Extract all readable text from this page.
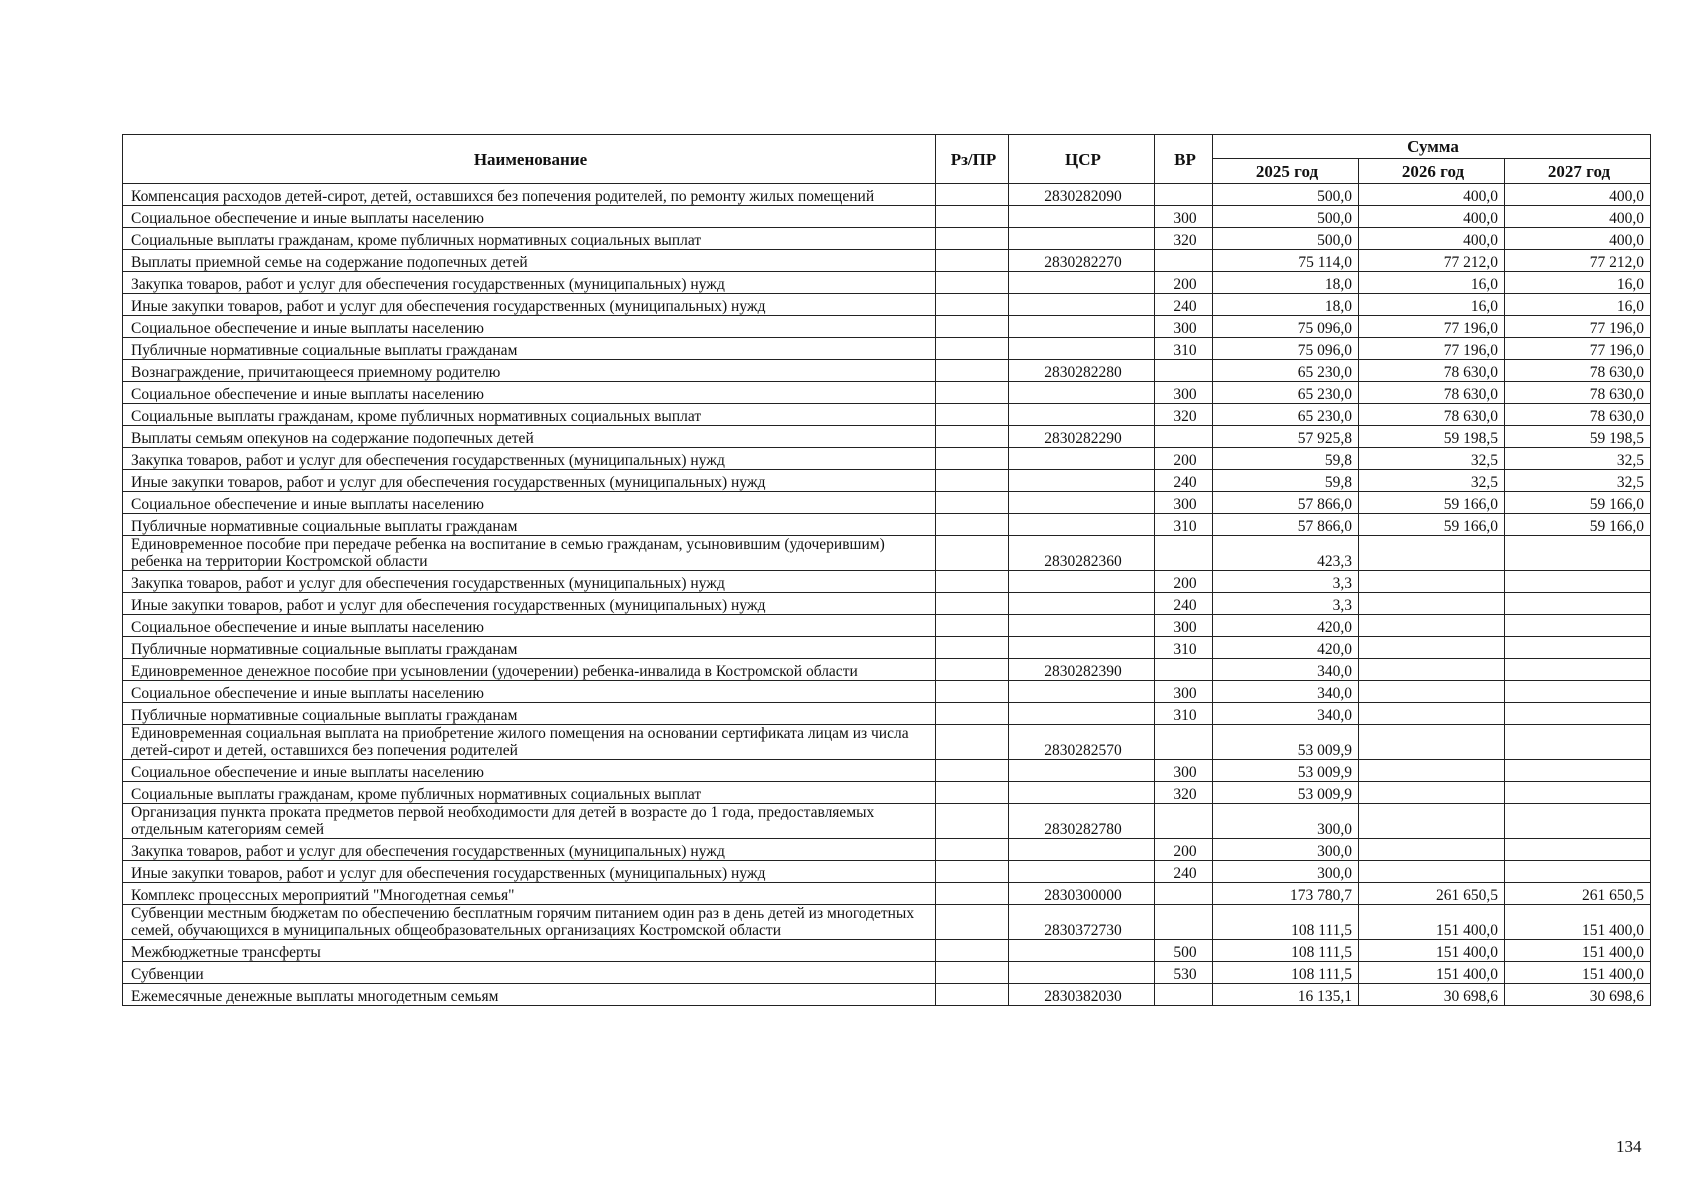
Наименование	Рз/ПР	ЦСР	ВР	Сумма		
				2025 год	2026 год	2027 год
Компенсация расходов детей-сирот, детей, оставшихся без попечения родителей, по ремонту жилых помещений		2830282090		500,0	400,0	400,0
Социальное обеспечение и иные выплаты населению			300	500,0	400,0	400,0
Социальные выплаты гражданам, кроме публичных нормативных социальных выплат			320	500,0	400,0	400,0
Выплаты приемной семье на содержание подопечных детей		2830282270		75 114,0	77 212,0	77 212,0
Закупка товаров, работ и услуг для обеспечения государственных (муниципальных) нужд			200	18,0	16,0	16,0
Иные закупки товаров, работ и услуг для обеспечения государственных (муниципальных) нужд			240	18,0	16,0	16,0
Социальное обеспечение и иные выплаты населению			300	75 096,0	77 196,0	77 196,0
Публичные нормативные социальные выплаты гражданам			310	75 096,0	77 196,0	77 196,0
Вознаграждение, причитающееся приемному родителю		2830282280		65 230,0	78 630,0	78 630,0
Социальное обеспечение и иные выплаты населению			300	65 230,0	78 630,0	78 630,0
Социальные выплаты гражданам, кроме публичных нормативных социальных выплат			320	65 230,0	78 630,0	78 630,0
Выплаты семьям опекунов на содержание подопечных детей		2830282290		57 925,8	59 198,5	59 198,5
Закупка товаров, работ и услуг для обеспечения государственных (муниципальных) нужд			200	59,8	32,5	32,5
Иные закупки товаров, работ и услуг для обеспечения государственных (муниципальных) нужд			240	59,8	32,5	32,5
Социальное обеспечение и иные выплаты населению			300	57 866,0	59 166,0	59 166,0
Публичные нормативные социальные выплаты гражданам			310	57 866,0	59 166,0	59 166,0
Единовременное пособие при передаче ребенка на воспитание в семью гражданам, усыновившим (удочерившим) ребенка на территории Костромской области		2830282360		423,3		
Закупка товаров, работ и услуг для обеспечения государственных (муниципальных) нужд			200	3,3		
Иные закупки товаров, работ и услуг для обеспечения государственных (муниципальных) нужд			240	3,3		
Социальное обеспечение и иные выплаты населению			300	420,0		
Публичные нормативные социальные выплаты гражданам			310	420,0		
Единовременное денежное пособие при усыновлении (удочерении) ребенка-инвалида в Костромской области		2830282390		340,0		
Социальное обеспечение и иные выплаты населению			300	340,0		
Публичные нормативные социальные выплаты гражданам			310	340,0		
Единовременная социальная выплата на приобретение жилого помещения на основании сертификата лицам из числа детей-сирот и детей, оставшихся без попечения родителей		2830282570		53 009,9		
Социальное обеспечение и иные выплаты населению			300	53 009,9		
Социальные выплаты гражданам, кроме публичных нормативных социальных выплат			320	53 009,9		
Организация пункта проката предметов первой необходимости для детей в возрасте до 1 года, предоставляемых отдельным категориям семей		2830282780		300,0		
Закупка товаров, работ и услуг для обеспечения государственных (муниципальных) нужд			200	300,0		
Иные закупки товаров, работ и услуг для обеспечения государственных (муниципальных) нужд			240	300,0		
Комплекс процессных мероприятий "Многодетная семья"		2830300000		173 780,7	261 650,5	261 650,5
Субвенции местным бюджетам по обеспечению бесплатным горячим питанием один раз в день детей из многодетных семей, обучающихся в муниципальных общеобразовательных организациях Костромской области		2830372730		108 111,5	151 400,0	151 400,0
Межбюджетные трансферты			500	108 111,5	151 400,0	151 400,0
Субвенции			530	108 111,5	151 400,0	151 400,0
Ежемесячные денежные выплаты многодетным семьям		2830382030		16 135,1	30 698,6	30 698,6
134
